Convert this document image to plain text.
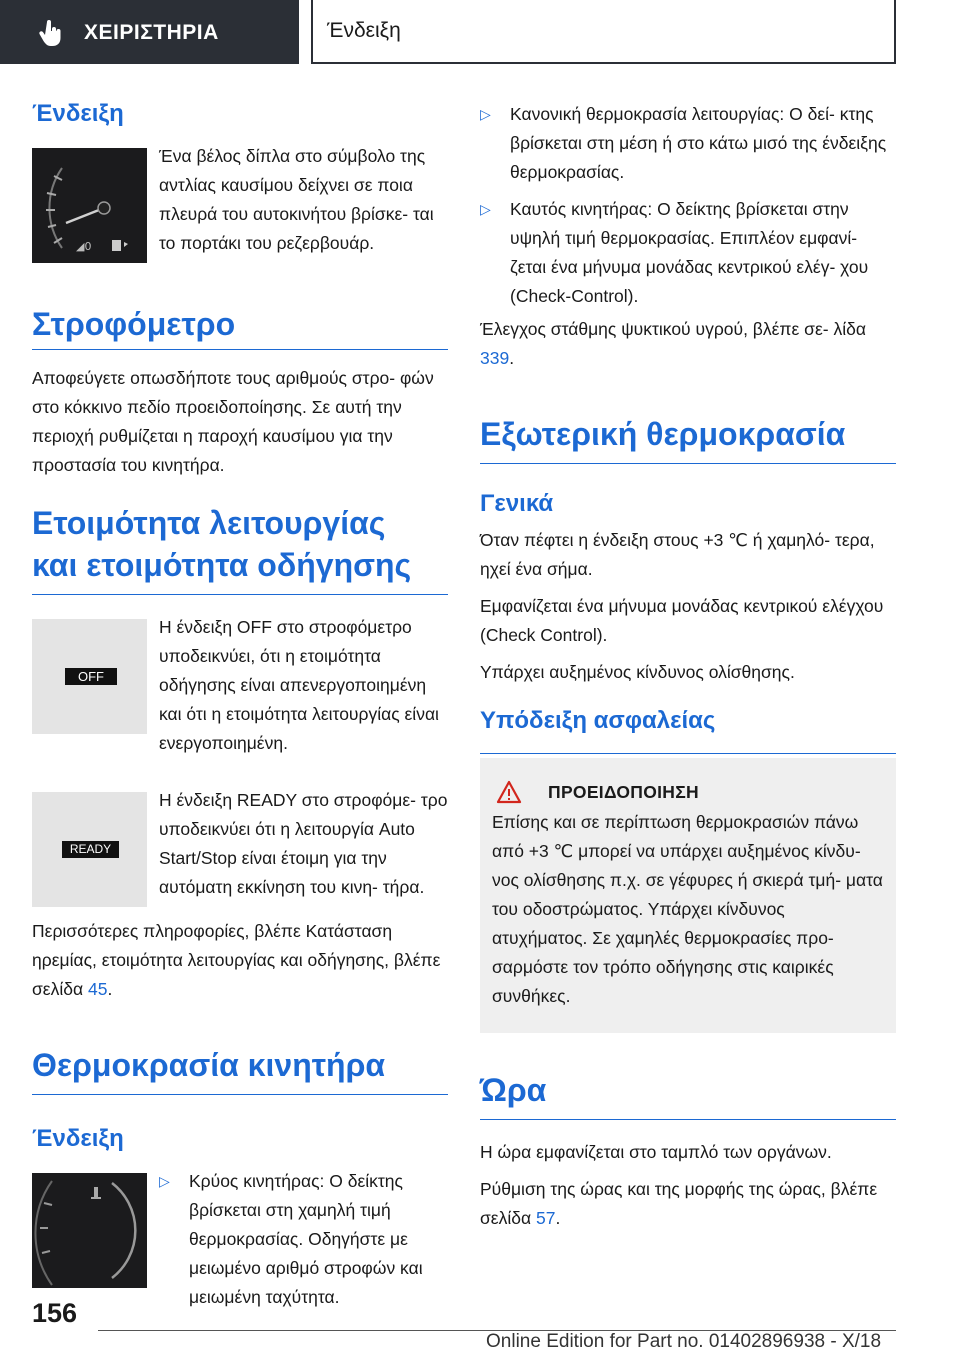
ΧΕΙΡΙΣΤΗΡΙΑ	Ένδειξη
Ένδειξη
◢0
Ένα βέλος δίπλα στο σύμβολο της αντλίας καυσίμου δείχνει σε ποια πλευρά του αυτοκινήτου βρίσκε- ται το πορτάκι του ρεζερβουάρ.
Στροφόμετρο
Αποφεύγετε οπωσδήποτε τους αριθμούς στρο- φών στο κόκκινο πεδίο προειδοποίησης. Σε αυτή την περιοχή ρυθμίζεται η παροχή καυσίμου για την προστασία του κινητήρα.
Ετοιμότητα λειτουργίας
και ετοιμότητα οδήγησης
OFF
Η ένδειξη OFF στο στροφόμετρο υποδεικνύει, ότι η ετοιμότητα οδήγησης είναι απενεργοποιημένη και ότι η ετοιμότητα λειτουργίας είναι ενεργοποιημένη.
READY
Η ένδειξη READY στο στροφόμε- τρο υποδεικνύει ότι η λειτουργία Auto Start/Stop είναι έτοιμη για την αυτόματη εκκίνηση του κινη- τήρα.
Περισσότερες πληροφορίες, βλέπε Κατάσταση ηρεμίας, ετοιμότητα λειτουργίας και οδήγησης, βλέπε σελίδα 45.
Θερμοκρασία κινητήρα
Ένδειξη
▷	Κρύος κινητήρας: Ο δείκτης βρίσκεται στη χαμηλή τιμή θερμοκρασίας. Οδηγήστε με μειωμένο αριθμό στροφών και μειωμένη ταχύτητα.
▷	Κανονική θερμοκρασία λειτουργίας: Ο δεί- κτης βρίσκεται στη μέση ή στο κάτω μισό της ένδειξης θερμοκρασίας.
▷	Καυτός κινητήρας: Ο δείκτης βρίσκεται στην υψηλή τιμή θερμοκρασίας. Επιπλέον εμφανί- ζεται ένα μήνυμα μονάδας κεντρικού ελέγ- χου (Check-Control).
Έλεγχος στάθμης ψυκτικού υγρού, βλέπε σε- λίδα 339.
Εξωτερική θερμοκρασία
Γενικά
Όταν πέφτει η ένδειξη στους +3 ℃ ή χαμηλό- τερα, ηχεί ένα σήμα.
Εμφανίζεται ένα μήνυμα μονάδας κεντρικού ελέγχου (Check Control).
Υπάρχει αυξημένος κίνδυνος ολίσθησης.
Υπόδειξη ασφαλείας
ΠΡΟΕΙΔΟΠΟΙΗΣΗ
Επίσης και σε περίπτωση θερμοκρασιών πάνω από +3 ℃ μπορεί να υπάρχει αυξημένος κίνδυ- νος ολίσθησης π.χ. σε γέφυρες ή σκιερά τμή- ματα του οδοστρώματος. Υπάρχει κίνδυνος ατυχήματος. Σε χαμηλές θερμοκρασίες προ- σαρμόστε τον τρόπο οδήγησης στις καιρικές συνθήκες.
Ώρα
Η ώρα εμφανίζεται στο ταμπλό των οργάνων.
Ρύθμιση της ώρας και της μορφής της ώρας, βλέπε σελίδα 57.
156
Online Edition for Part no. 01402896938 - X/18
